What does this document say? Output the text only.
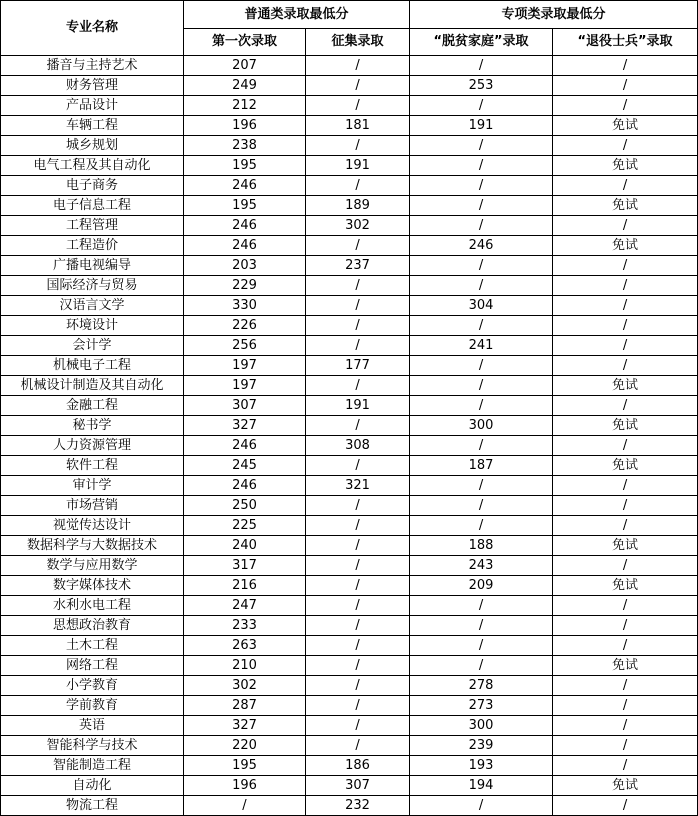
专业名称	普通类录取最低分		专项类录取最低分	
	第一次录取	征集录取	“脱贫家庭”录取	“退役士兵”录取
播音与主持艺术	207	/	/	/
财务管理	249	/	253	/
产品设计	212	/	/	/
车辆工程	196	181	191	免试
城乡规划	238	/	/	/
电气工程及其自动化	195	191	/	免试
电子商务	246	/	/	/
电子信息工程	195	189	/	免试
工程管理	246	302	/	/
工程造价	246	/	246	免试
广播电视编导	203	237	/	/
国际经济与贸易	229	/	/	/
汉语言文学	330	/	304	/
环境设计	226	/	/	/
会计学	256	/	241	/
机械电子工程	197	177	/	/
机械设计制造及其自动化	197	/	/	免试
金融工程	307	191	/	/
秘书学	327	/	300	免试
人力资源管理	246	308	/	/
软件工程	245	/	187	免试
审计学	246	321	/	/
市场营销	250	/	/	/
视觉传达设计	225	/	/	/
数据科学与大数据技术	240	/	188	免试
数学与应用数学	317	/	243	/
数字媒体技术	216	/	209	免试
水利水电工程	247	/	/	/
思想政治教育	233	/	/	/
土木工程	263	/	/	/
网络工程	210	/	/	免试
小学教育	302	/	278	/
学前教育	287	/	273	/
英语	327	/	300	/
智能科学与技术	220	/	239	/
智能制造工程	195	186	193	/
自动化	196	307	194	免试
物流工程	/	232	/	/
